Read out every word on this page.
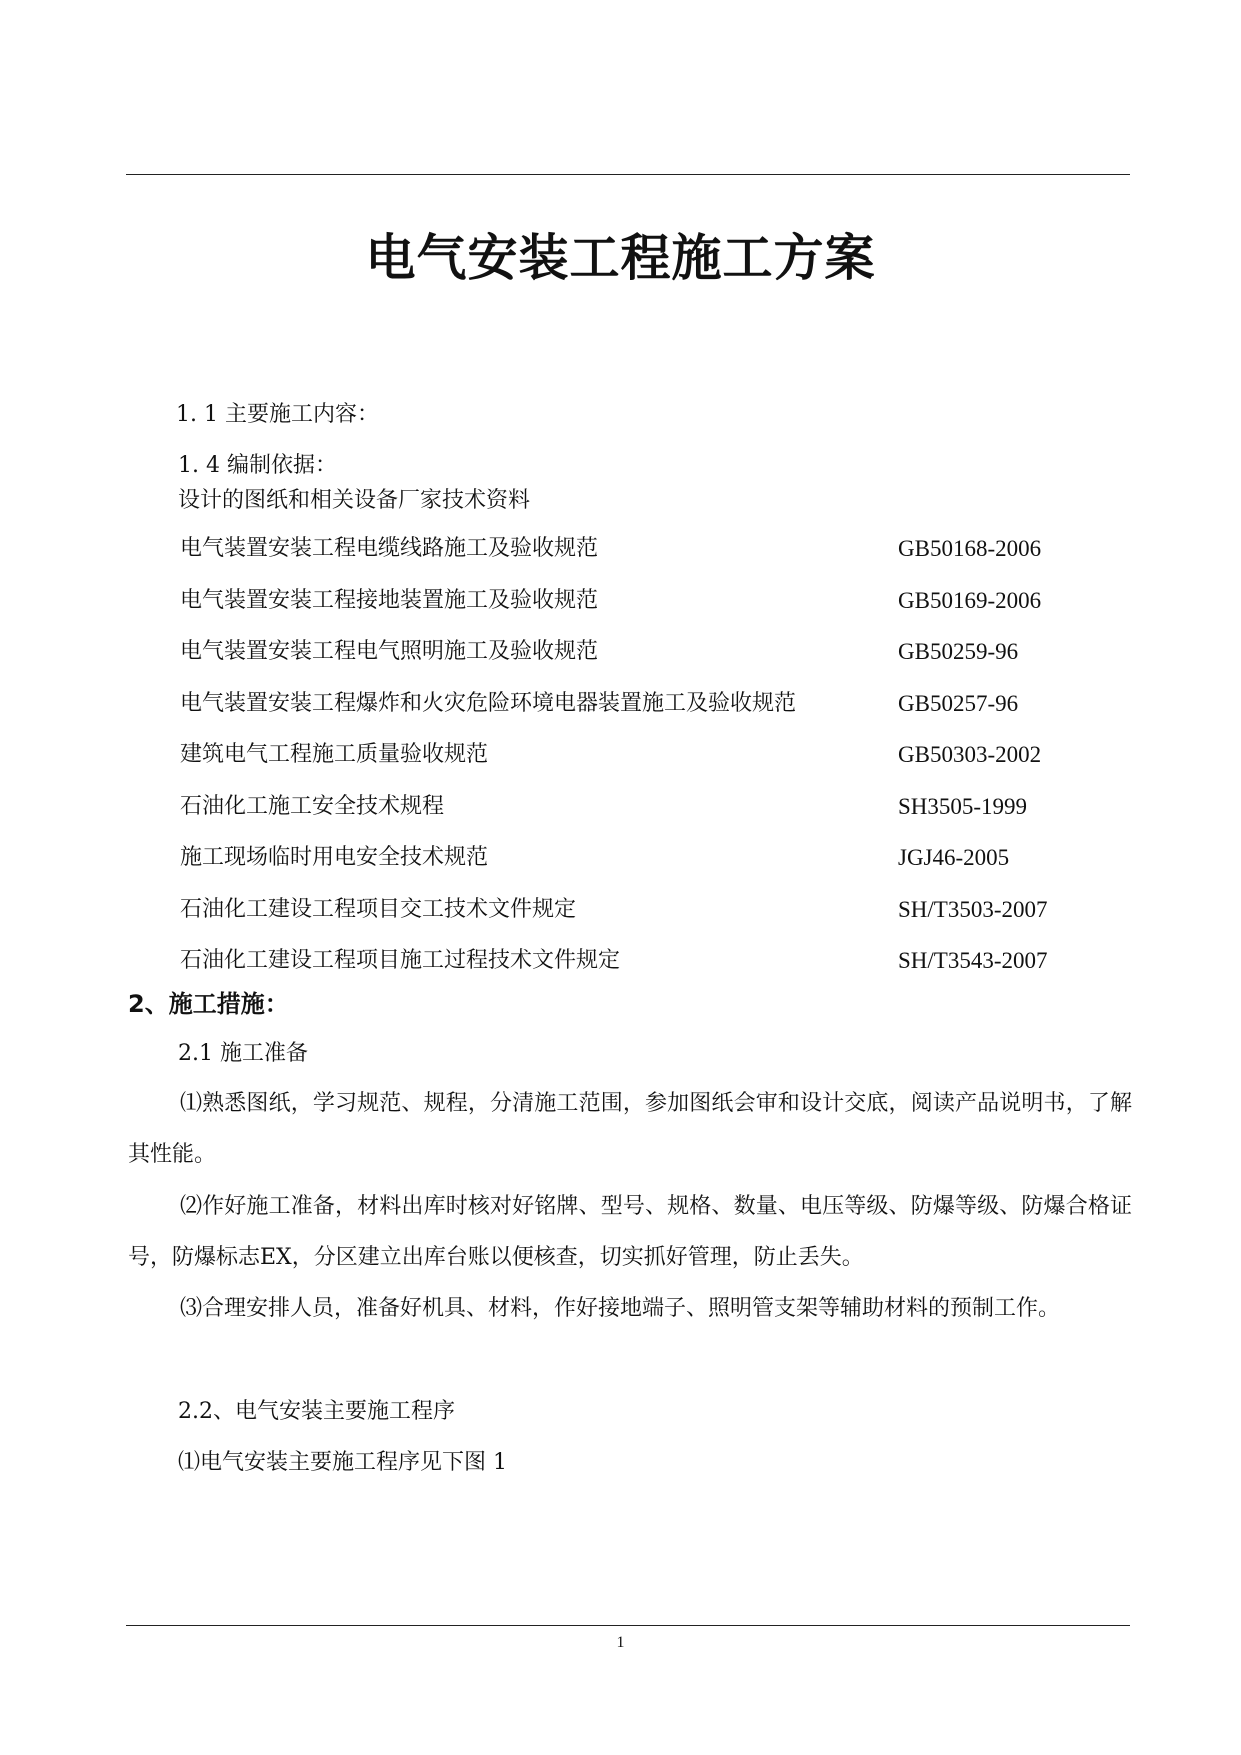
电气安装工程施工方案
1. 1 主要施工内容：
1. 4 编制依据：
设计的图纸和相关设备厂家技术资料
电气装置安装工程电缆线路施工及验收规范	GB50168-2006
电气装置安装工程接地装置施工及验收规范	GB50169-2006
电气装置安装工程电气照明施工及验收规范	GB50259-96
电气装置安装工程爆炸和火灾危险环境电器装置施工及验收规范	GB50257-96
建筑电气工程施工质量验收规范	GB50303-2002
石油化工施工安全技术规程	SH3505-1999
施工现场临时用电安全技术规范	JGJ46-2005
石油化工建设工程项目交工技术文件规定	SH/T3503-2007
石油化工建设工程项目施工过程技术文件规定	SH/T3543-2007
2、施工措施：
2.1 施工准备
⑴熟悉图纸，学习规范、规程，分清施工范围，参加图纸会审和设计交底，阅读产品说明书，了解其性能。
⑵作好施工准备，材料出库时核对好铭牌、型号、规格、数量、电压等级、防爆等级、防爆合格证号，防爆标志EX，分区建立出库台账以便核查，切实抓好管理，防止丢失。
⑶合理安排人员，准备好机具、材料，作好接地端子、照明管支架等辅助材料的预制工作。
2.2、电气安装主要施工程序
⑴电气安装主要施工程序见下图 1
1
